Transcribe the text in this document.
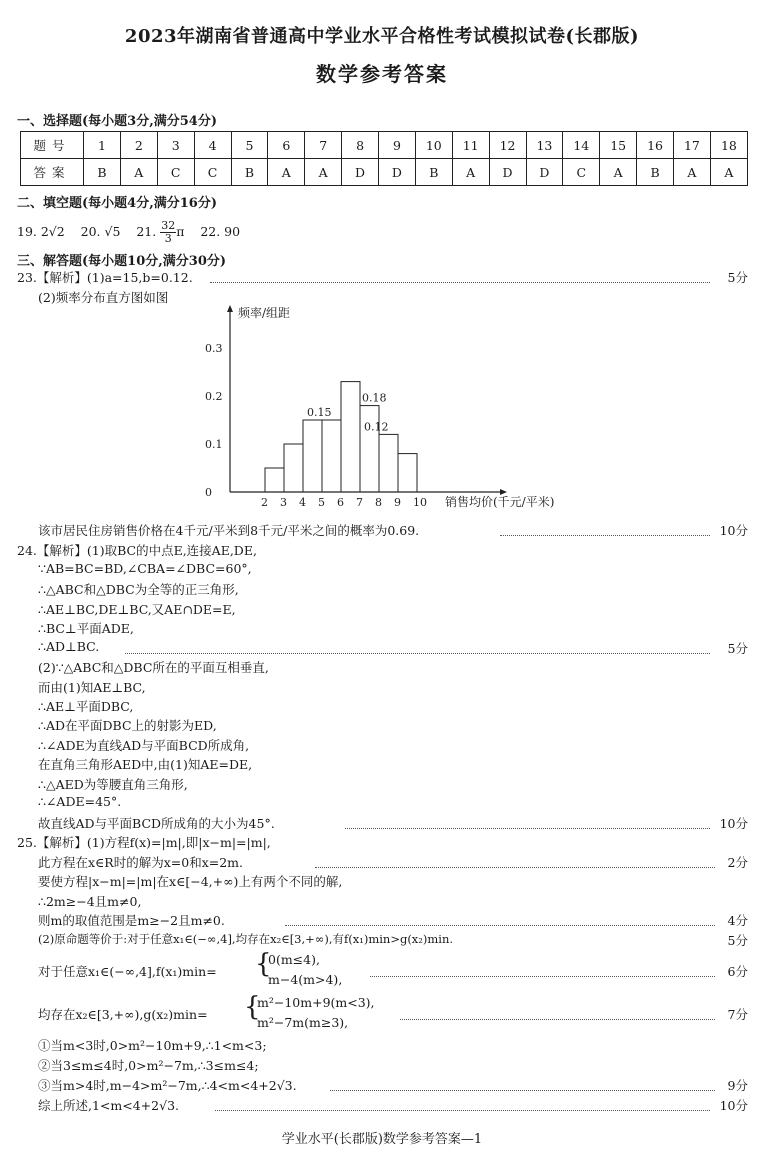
2023年湖南省普通高中学业水平合格性考试模拟试卷(长郡版)
数学参考答案
一、选择题(每小题3分,满分54分)
题号	1	2	3	4	5	6	7	8	9	10	11	12	13	14	15	16	17	18
答案	B	A	C	C	B	A	A	D	D	B	A	D	D	C	A	B	A	A
二、填空题(每小题4分,满分16分)
19. 2√2 20. √5 21. $\frac{32}{3}$ π 22. 90
三、解答题(每小题10分,满分30分)
23.【解析】(1)a=15,b=0.12.	5分
(2)频率分布直方图如图
0
0.1
0.2
0.3
2 3 4 5 6 7 8 9 10
0.15
0.18
0.12
频率/组距
销售均价(千元/平米)
该市居民住房销售价格在4千元/平米到8千元/平米之间的概率为0.69.	10分
24.【解析】(1)取BC的中点E,连接AE,DE,
∵AB=BC=BD,∠CBA=∠DBC=60°,
∴△ABC和△DBC为全等的正三角形,
∴AE⊥BC,DE⊥BC,又AE∩DE=E,
∴BC⊥平面ADE,
∴AD⊥BC.	5分
(2)∵△ABC和△DBC所在的平面互相垂直,
而由(1)知AE⊥BC,
∴AE⊥平面DBC,
∴AD在平面DBC上的射影为ED,
∴∠ADE为直线AD与平面BCD所成角,
在直角三角形AED中,由(1)知AE=DE,
∴△AED为等腰直角三角形,
∴∠ADE=45°.
故直线AD与平面BCD所成角的大小为45°.	10分
25.【解析】(1)方程f(x)=|m|,即|x−m|=|m|,
此方程在x∈R时的解为x=0和x=2m.	2分
要使方程|x−m|=|m|在x∈[−4,+∞)上有两个不同的解,
∴2m≥−4且m≠0,
则m的取值范围是m≥−2且m≠0.	4分
(2)原命题等价于:对于任意x₁∈(−∞,4],均存在x₂∈[3,+∞),有f(x₁)min>g(x₂)min.	5分
对于任意x₁∈(−∞,4],f(x₁)min= {
0(m≤4),
m−4(m>4),
6分
均存在x₂∈[3,+∞),g(x₂)min= {
m²−10m+9(m<3),
m²−7m(m≥3),
7分
①当m<3时,0>m²−10m+9,∴1<m<3;
②当3≤m≤4时,0>m²−7m,∴3≤m≤4;
③当m>4时,m−4>m²−7m,∴4<m<4+2√3.	9分
综上所述,1<m<4+2√3.	10分
学业水平(长郡版)数学参考答案—1
